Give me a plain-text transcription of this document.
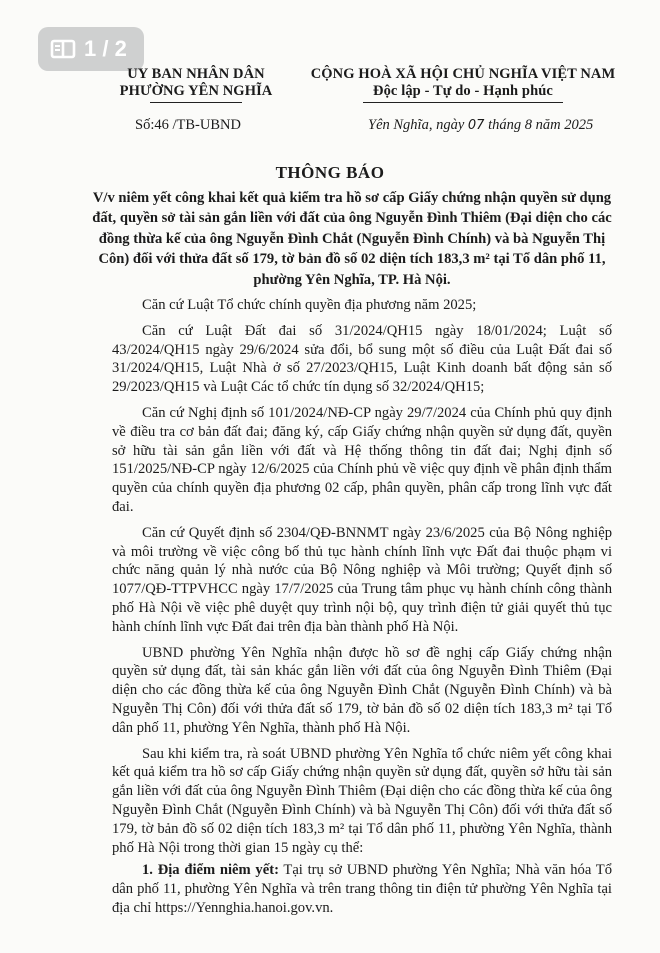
1 / 2
UY BAN NHÂN DÂN
PHƯỜNG YÊN NGHĨA
CỘNG HOÀ XÃ HỘI CHỦ NGHĨA VIỆT NAM
Độc lập - Tự do - Hạnh phúc
Số:46 /TB-UBND	Yên Nghĩa, ngày 07 tháng 8 năm 2025
THÔNG BÁO
V/v niêm yết công khai kết quả kiểm tra hồ sơ cấp Giấy chứng nhận quyền sử dụng đất, quyền sở tài sản gắn liền với đất của ông Nguyễn Đình Thiêm (Đại diện cho các đồng thừa kế của ông Nguyễn Đình Chắt (Nguyễn Đình Chính) và bà Nguyễn Thị Côn) đối với thửa đất số 179, tờ bản đồ số 02 diện tích 183,3 m² tại Tổ dân phố 11, phường Yên Nghĩa, TP. Hà Nội.

Căn cứ Luật Tổ chức chính quyền địa phương năm 2025;

Căn cứ Luật Đất đai số 31/2024/QH15 ngày 18/01/2024; Luật số 43/2024/QH15 ngày 29/6/2024 sửa đổi, bổ sung một số điều của Luật Đất đai số 31/2024/QH15, Luật Nhà ở số 27/2023/QH15, Luật Kinh doanh bất động sản số 29/2023/QH15 và Luật Các tổ chức tín dụng số 32/2024/QH15;

Căn cứ Nghị định số 101/2024/NĐ-CP ngày 29/7/2024 của Chính phủ quy định về điều tra cơ bản đất đai; đăng ký, cấp Giấy chứng nhận quyền sử dụng đất, quyền sở hữu tài sản gắn liền với đất và Hệ thống thông tin đất đai; Nghị định số 151/2025/NĐ-CP ngày 12/6/2025 của Chính phủ về việc quy định về phân định thẩm quyền của chính quyền địa phương 02 cấp, phân quyền, phân cấp trong lĩnh vực đất đai.

Căn cứ Quyết định số 2304/QĐ-BNNMT ngày 23/6/2025 của Bộ Nông nghiệp và môi trường về việc công bố thủ tục hành chính lĩnh vực Đất đai thuộc phạm vi chức năng quản lý nhà nước của Bộ Nông nghiệp và Môi trường; Quyết định số 1077/QĐ-TTPVHCC ngày 17/7/2025 của Trung tâm phục vụ hành chính công thành phố Hà Nội về việc phê duyệt quy trình nội bộ, quy trình điện tử giải quyết thủ tục hành chính lĩnh vực Đất đai trên địa bàn thành phố Hà Nội.

UBND phường Yên Nghĩa nhận được hồ sơ đề nghị cấp Giấy chứng nhận quyền sử dụng đất, tài sản khác gắn liền với đất của ông Nguyễn Đình Thiêm (Đại diện cho các đồng thừa kế của ông Nguyễn Đình Chắt (Nguyễn Đình Chính) và bà Nguyễn Thị Côn) đối với thửa đất số 179, tờ bản đồ số 02 diện tích 183,3 m² tại Tổ dân phố 11, phường Yên Nghĩa, thành phố Hà Nội.

Sau khi kiểm tra, rà soát UBND phường Yên Nghĩa tổ chức niêm yết công khai kết quả kiểm tra hồ sơ cấp Giấy chứng nhận quyền sử dụng đất, quyền sở hữu tài sản gắn liền với đất của ông Nguyễn Đình Thiêm (Đại diện cho các đồng thừa kế của ông Nguyễn Đình Chắt (Nguyễn Đình Chính) và bà Nguyễn Thị Côn) đối với thửa đất số 179, tờ bản đồ số 02 diện tích 183,3 m² tại Tổ dân phố 11, phường Yên Nghĩa, thành phố Hà Nội trong thời gian 15 ngày cụ thể:

1. Địa điểm niêm yết: Tại trụ sở UBND phường Yên Nghĩa; Nhà văn hóa Tổ dân phố 11, phường Yên Nghĩa và trên trang thông tin điện tử phường Yên Nghĩa tại địa chỉ https://Yennghia.hanoi.gov.vn.
